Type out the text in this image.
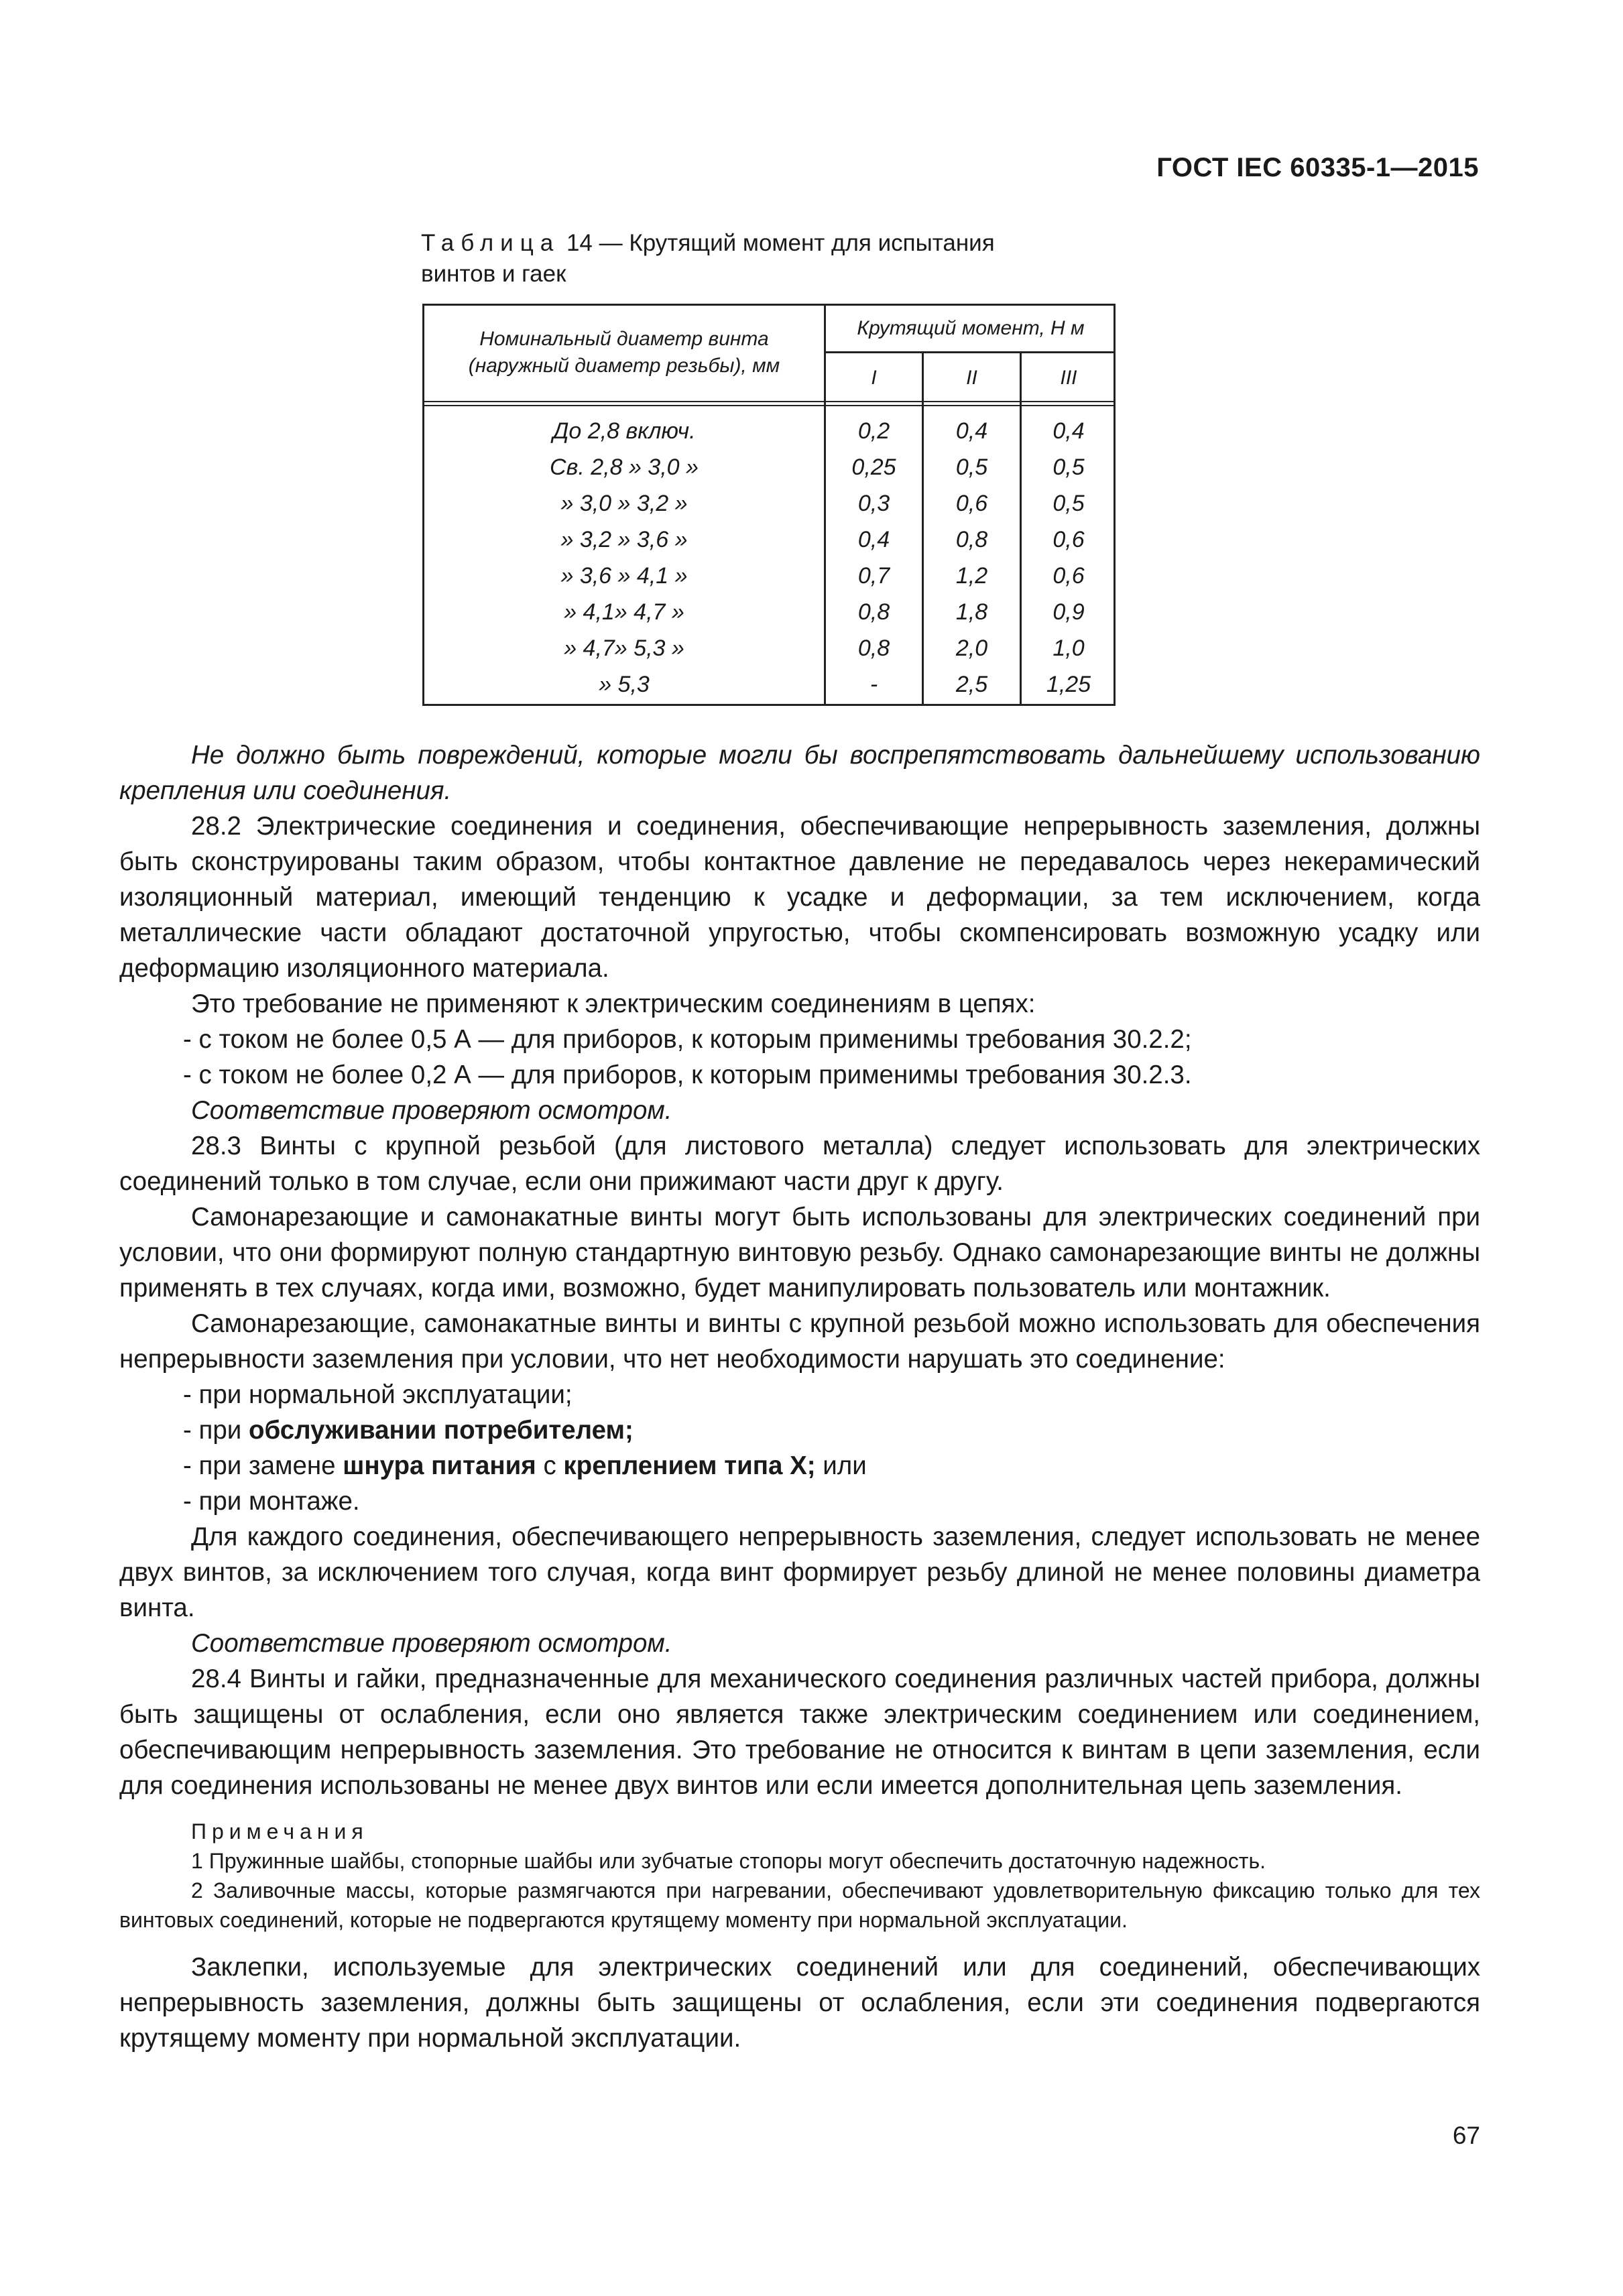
ГОСТ IEC 60335-1—2015
Таблица 14 — Крутящий момент для испытания
винтов и гаек
Номинальный диаметр винта
(наружный диаметр резьбы), мм
Крутящий момент, Н м
I	II	III
До 2,8 включ.	0,2	0,4	0,4
Св. 2,8 » 3,0 »	0,25	0,5	0,5
» 3,0 » 3,2 »	0,3	0,6	0,5
» 3,2 » 3,6 »	0,4	0,8	0,6
» 3,6 » 4,1 »	0,7	1,2	0,6
» 4,1» 4,7 »	0,8	1,8	0,9
» 4,7» 5,3 »	0,8	2,0	1,0
» 5,3	-	2,5	1,25

Не должно быть повреждений, которые могли бы воспрепятствовать дальнейшему использованию крепления или соединения.

28.2 Электрические соединения и соединения, обеспечивающие непрерывность заземления, должны быть сконструированы таким образом, чтобы контактное давление не передавалось через некерамический изоляционный материал, имеющий тенденцию к усадке и деформации, за тем исключением, когда металлические части обладают достаточной упругостью, чтобы скомпенсировать возможную усадку или деформацию изоляционного материала.

Это требование не применяют к электрическим соединениям в цепях:

- с током не более 0,5 А — для приборов, к которым применимы требования 30.2.2;

- с током не более 0,2 А — для приборов, к которым применимы требования 30.2.3.

Соответствие проверяют осмотром.

28.3 Винты с крупной резьбой (для листового металла) следует использовать для электрических соединений только в том случае, если они прижимают части друг к другу.

Самонарезающие и самонакатные винты могут быть использованы для электрических соединений при условии, что они формируют полную стандартную винтовую резьбу. Однако самонарезающие винты не должны применять в тех случаях, когда ими, возможно, будет манипулировать пользователь или монтажник.

Самонарезающие, самонакатные винты и винты с крупной резьбой можно использовать для обеспечения непрерывности заземления при условии, что нет необходимости нарушать это соединение:

- при нормальной эксплуатации;

- при обслуживании потребителем;

- при замене шнура питания с креплением типа X; или

- при монтаже.

Для каждого соединения, обеспечивающего непрерывность заземления, следует использовать не менее двух винтов, за исключением того случая, когда винт формирует резьбу длиной не менее половины диаметра винта.

Соответствие проверяют осмотром.

28.4 Винты и гайки, предназначенные для механического соединения различных частей прибора, должны быть защищены от ослабления, если оно является также электрическим соединением или соединением, обеспечивающим непрерывность заземления. Это требование не относится к винтам в цепи заземления, если для соединения использованы не менее двух винтов или если имеется дополнительная цепь заземления.

Примечания

1 Пружинные шайбы, стопорные шайбы или зубчатые стопоры могут обеспечить достаточную надежность.

2 Заливочные массы, которые размягчаются при нагревании, обеспечивают удовлетворительную фиксацию только для тех винтовых соединений, которые не подвергаются крутящему моменту при нормальной эксплуатации.

Заклепки, используемые для электрических соединений или для соединений, обеспечивающих непрерывность заземления, должны быть защищены от ослабления, если эти соединения подвергаются крутящему моменту при нормальной эксплуатации.

67
